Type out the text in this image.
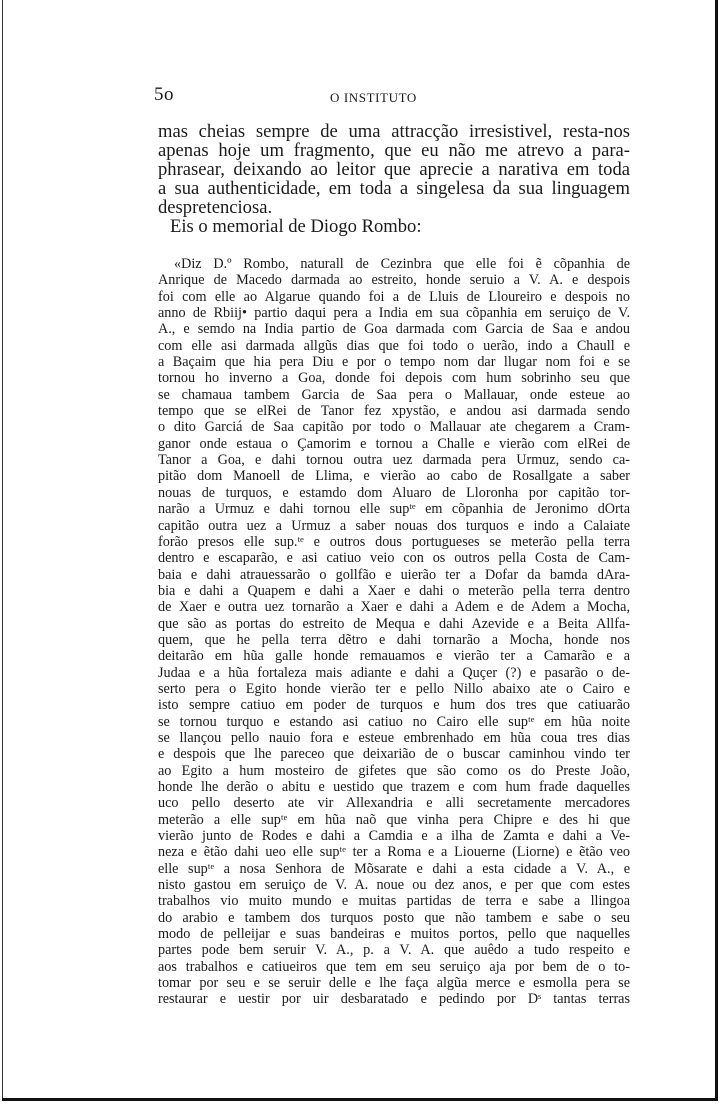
5o	O INSTITUTO
mas cheias sempre de uma attracção irresistivel, resta-nos
apenas hoje um fragmento, que eu não me atrevo a para-
phrasear, deixando ao leitor que aprecie a narativa em toda
a sua authenticidade, em toda a singelesa da sua linguagem
despretenciosa.
Eis o memorial de Diogo Rombo:
«Diz D.º Rombo, naturall de Cezinbra que elle foi ẽ cõpanhia de
Anrique de Macedo darmada ao estreito, honde seruio a V. A. e despois
foi com elle ao Algarue quando foi a de Lluis de Lloureiro e despois no
anno de Rbiij• partio daqui pera a India em sua cõpanhia em seruiço de V.
A., e semdo na India partio de Goa darmada com Garcia de Saa e andou
com elle asi darmada allgũs dias que foi todo o uerão, indo a Chaull e
a Baçaim que hia pera Diu e por o tempo nom dar llugar nom foi e se
tornou ho inverno a Goa, donde foi depois com hum sobrinho seu que
se chamaua tambem Garcia de Saa pera o Mallauar, onde esteue ao
tempo que se elRei de Tanor fez xpystão, e andou asi darmada sendo
o dito Garciá de Saa capitão por todo o Mallauar ate chegarem a Cram-
ganor onde estaua o Çamorim e tornou a Challe e vierão com elRei de
Tanor a Goa, e dahi tornou outra uez darmada pera Urmuz, sendo ca-
pitão dom Manoell de Llima, e vierão ao cabo de Rosallgate a saber
nouas de turquos, e estamdo dom Aluaro de Lloronha por capitão tor-
narão a Urmuz e dahi tornou elle supᵗᵉ em cõpanhia de Jeronimo dOrta
capitão outra uez a Urmuz a saber nouas dos turquos e indo a Calaiate
forão presos elle sup.ᵗᵉ e outros dous portugueses se meterão pella terra
dentro e escaparão, e asi catiuo veio con os outros pella Costa de Cam-
baia e dahi atrauessarão o gollfão e uierão ter a Dofar da bamda dAra-
bia e dahi a Quapem e dahi a Xaer e dahi o meterão pella terra dentro
de Xaer e outra uez tornarão a Xaer e dahi a Adem e de Adem a Mocha,
que são as portas do estreito de Mequa e dahi Azevide e a Beita Allfa-
quem, que he pella terra dẽtro e dahi tornarão a Mocha, honde nos
deitarão em hũa galle honde remauamos e vierão ter a Camarão e a
Judaa e a hũa fortaleza mais adiante e dahi a Quçer (?) e pasarão o de-
serto pera o Egito honde vierão ter e pello Nillo abaixo ate o Cairo e
isto sempre catiuo em poder de turquos e hum dos tres que catiuarão
se tornou turquo e estando asi catiuo no Cairo elle supᵗᵉ em hũa noite
se llançou pello nauio fora e esteue embrenhado em hũa coua tres dias
e despois que lhe pareceo que deixarião de o buscar caminhou vindo ter
ao Egito a hum mosteiro de gifetes que são como os do Preste João,
honde lhe derão o abitu e uestido que trazem e com hum frade daquelles
uco pello deserto ate vir Allexandria e alli secretamente mercadores
meterão a elle supᵗᵉ em hũa naõ que vinha pera Chipre e des hi que
vierão junto de Rodes e dahi a Camdia e a ilha de Zamta e dahi a Ve-
neza e ẽtão dahi ueo elle supᵗᵉ ter a Roma e a Liouerne (Liorne) e ẽtão veo
elle supᵗᵉ a nosa Senhora de Mõsarate e dahi a esta cidade a V. A., e
nisto gastou em seruiço de V. A. noue ou dez anos, e per que com estes
trabalhos vio muito mundo e muitas partidas de terra e sabe a llingoa
do arabio e tambem dos turquos posto que não tambem e sabe o seu
modo de pelleijar e suas bandeiras e muitos portos, pello que naquelles
partes pode bem seruir V. A., p. a V. A. que auêdo a tudo respeito e
aos trabalhos e catiueiros que tem em seu seruiço aja por bem de o to-
tomar por seu e se seruir delle e lhe faça algũa merce e esmolla pera se
restaurar e uestir por uir desbaratado e pedindo por Dˢ tantas terras
